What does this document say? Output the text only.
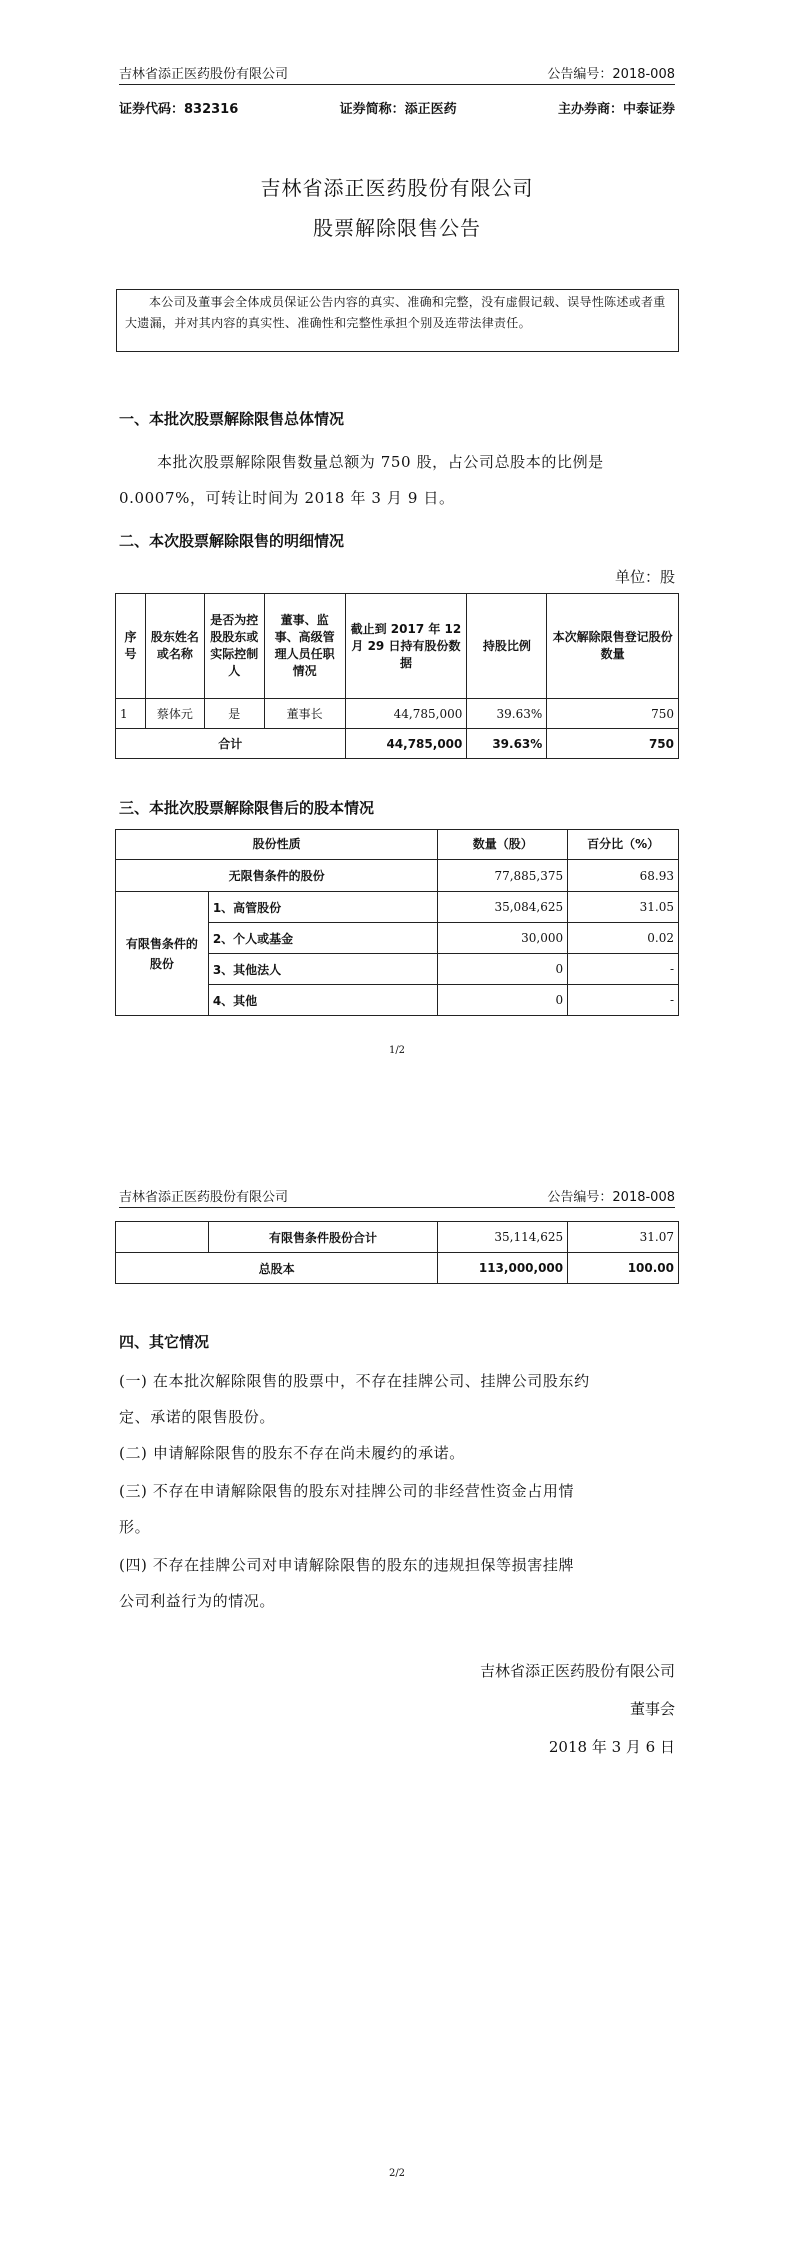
吉林省添正医药股份有限公司	公告编号：2018-008
证券代码：832316	证券简称：添正医药	主办券商：中泰证券
吉林省添正医药股份有限公司
股票解除限售公告
本公司及董事会全体成员保证公告内容的真实、准确和完整，没有虚假记载、误导性陈述或者重大遗漏，并对其内容的真实性、准确性和完整性承担个别及连带法律责任。
一、本批次股票解除限售总体情况
本批次股票解除限售数量总额为 750 股，占公司总股本的比例是
0.0007%，可转让时间为 2018 年 3 月 9 日。
二、本次股票解除限售的明细情况
单位：股
序号	股东姓名或名称	是否为控股股东或实际控制人	董事、监事、高级管理人员任职情况	截止到 2017 年 12 月 29 日持有股份数据	持股比例	本次解除限售登记股份数量
1	蔡体元	是	董事长	44,785,000	39.63%	750
合计				44,785,000	39.63%	750
三、本批次股票解除限售后的股本情况
股份性质		数量（股）	百分比（%）
无限售条件的股份		77,885,375	68.93
有限售条件的股份	1、高管股份	35,084,625	31.05
	2、个人或基金	30,000	0.02
	3、其他法人	0	-
	4、其他	0	-
1/2
吉林省添正医药股份有限公司	公告编号：2018-008
	有限售条件股份合计	35,114,625	31.07
总股本		113,000,000	100.00
四、其它情况
(一) 在本批次解除限售的股票中，不存在挂牌公司、挂牌公司股东约
定、承诺的限售股份。
(二) 申请解除限售的股东不存在尚未履约的承诺。
(三) 不存在申请解除限售的股东对挂牌公司的非经营性资金占用情
形。
(四) 不存在挂牌公司对申请解除限售的股东的违规担保等损害挂牌
公司利益行为的情况。
吉林省添正医药股份有限公司
董事会
2018 年 3 月 6 日
2/2
